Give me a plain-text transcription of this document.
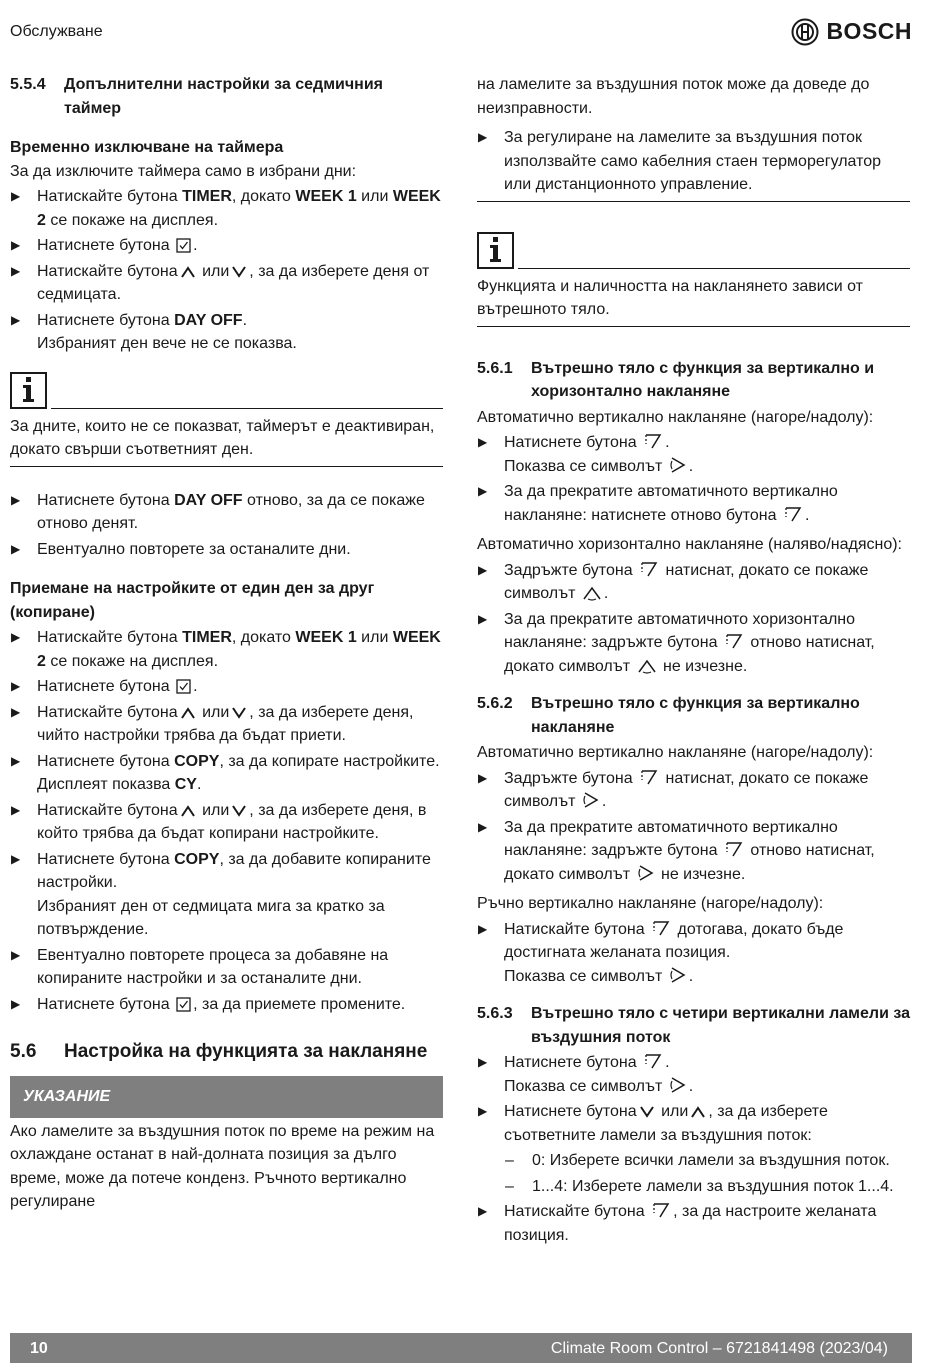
Обслужване	BOSCH
5.5.4	Допълнителни настройки за седмичния таймер
Временно изключване на таймера

За да изключите таймера само в избрани дни:

▶ Натискайте бутона TIMER, докато WEEK 1 или WEEK 2 се покаже на дисплея.
▶ Натиснете бутона .
▶ Натискайте бутона или , за да изберете деня от седмицата.
▶ Натиснете бутона DAY OFF.
Избраният ден вече не се показва.
За дните, които не се показват, таймерът е деактивиран, докато свърши съответният ден.
▶ Натиснете бутона DAY OFF отново, за да се покаже отново денят.
▶ Евентуално повторете за останалите дни.
Приемане на настройките от един ден за друг (копиране)
▶ Натискайте бутона TIMER, докато WEEK 1 или WEEK 2 се покаже на дисплея.
▶ Натиснете бутона .
▶ Натискайте бутона или , за да изберете деня, чийто настройки трябва да бъдат приети.
▶ Натиснете бутона COPY, за да копирате настройките.
Дисплеят показва CY.
▶ Натискайте бутона или , за да изберете деня, в който трябва да бъдат копирани настройките.
▶ Натиснете бутона COPY, за да добавите копираните настройки.
Избраният ден от седмицата мига за кратко за потвърждение.
▶ Евентуално повторете процеса за добавяне на копираните настройки и за останалите дни.
▶ Натиснете бутона , за да приемете промените.
5.6	Настройка на функцията за накланяне
УКАЗАНИЕ

Ако ламелите за въздушния поток по време на режим на охлаждане останат в най-долната позиция за дълго време, може да потече конденз. Ръчното вертикално регулиране

на ламелите за въздушния поток може да доведе до неизправности.

▶ За регулиране на ламелите за въздушния поток използвайте само кабелния стаен терморегулатор или дистанционното управление.
Функцията и наличността на накланянето зависи от вътрешното тяло.
5.6.1	Вътрешно тяло с функция за вертикално и хоризонтално накланяне

Автоматично вертикално накланяне (нагоре/надолу):

▶ Натиснете бутона .
Показва се символът .
▶ За да прекратите автоматичното вертикално накланяне: натиснете отново бутона .

Автоматично хоризонтално накланяне (наляво/надясно):

▶ Задръжте бутона  натиснат, докато се покаже символът .
▶ За да прекратите автоматичното хоризонтално накланяне: задръжте бутона  отново натиснат, докато символът  не изчезне.
5.6.2	Вътрешно тяло с функция за вертикално накланяне

Автоматично вертикално накланяне (нагоре/надолу):

▶ Задръжте бутона  натиснат, докато се покаже символът .
▶ За да прекратите автоматичното вертикално накланяне: задръжте бутона  отново натиснат, докато символът  не изчезне.

Ръчно вертикално накланяне (нагоре/надолу):

▶ Натискайте бутона  дотогава, докато бъде достигната желаната позиция.
Показва се символът .
5.6.3	Вътрешно тяло с четири вертикални ламели за въздушния поток
▶ Натиснете бутона .
Показва се символът .
▶ Натиснете бутона или , за да изберете съответните ламели за въздушния поток:
– 0: Изберете всички ламели за въздушния поток.
– 1...4: Изберете ламели за въздушния поток 1...4.
▶ Натискайте бутона , за да настроите желаната позиция.
10	Climate Room Control – 6721841498 (2023/04)
